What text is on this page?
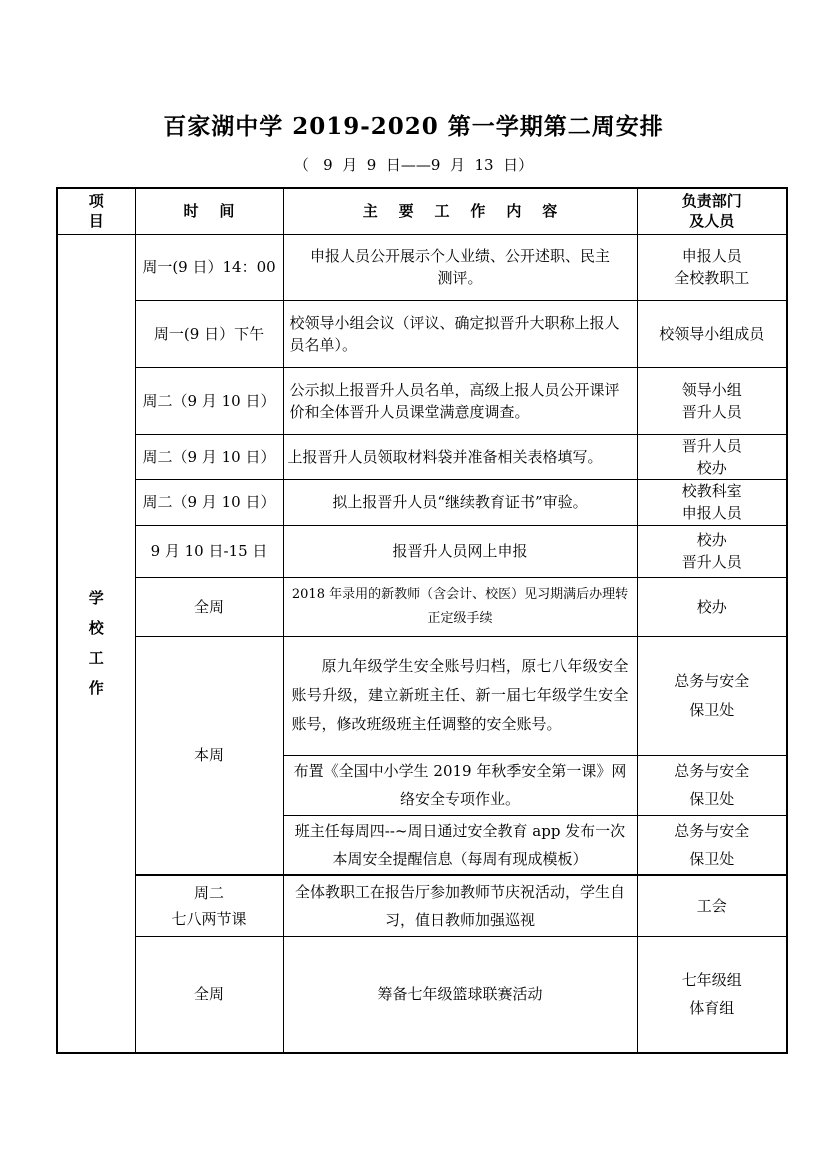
百家湖中学 2019-2020 第一学期第二周安排
（   9  月  9  日——9  月  13  日）
项
目	时    间	主    要    工    作    内    容	负责部门
及人员
学
校
工
作	周一(9 日）14：00	申报人员公开展示个人业绩、公开述职、民主测评。	申报人员
全校教职工
	周一(9 日）下午	校领导小组会议（评议、确定拟晋升大职称上报人员名单）。	校领导小组成员
	周二（9 月 10 日）	公示拟上报晋升人员名单，高级上报人员公开课评价和全体晋升人员课堂满意度调查。	领导小组
晋升人员
	周二（9 月 10 日）	上报晋升人员领取材料袋并准备相关表格填写。	晋升人员
校办
	周二（9 月 10 日）	拟上报晋升人员“继续教育证书”审验。	校教科室
申报人员
	9 月 10 日-15 日	报晋升人员网上申报	校办
晋升人员
	全周	2018 年录用的新教师（含会计、校医）见习期满后办理转正定级手续	校办
	本周	原九年级学生安全账号归档，原七八年级安全账号升级，建立新班主任、新一届七年级学生安全账号，修改班级班主任调整的安全账号。	总务与安全
保卫处
		布置《全国中小学生 2019 年秋季安全第一课》网络安全专项作业。	总务与安全
保卫处
		班主任每周四--~周日通过安全教育 app 发布一次本周安全提醒信息（每周有现成模板）	总务与安全
保卫处
	周二
七八两节课	全体教职工在报告厅参加教师节庆祝活动，学生自习，值日教师加强巡视	工会
	全周	筹备七年级篮球联赛活动	七年级组
体育组
